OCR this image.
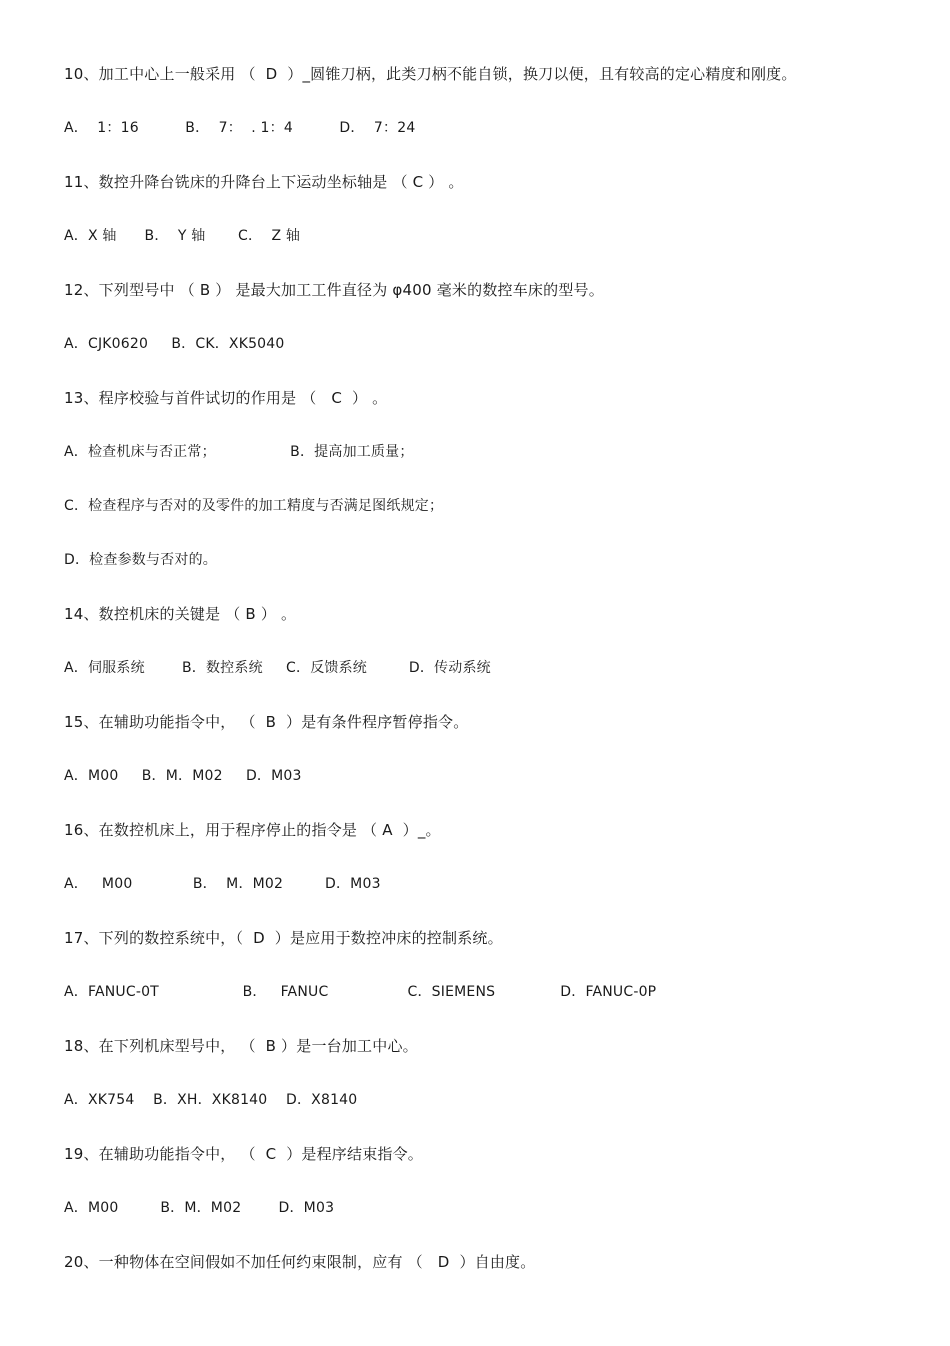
10、加工中心上一般采用 （  D  ）_圆锥刀柄，此类刀柄不能自锁，换刀以便，且有较高的定心精度和刚度。
A．  1：16          B．  7：  . 1：4          D．  7：24
11、数控升降台铣床的升降台上下运动坐标轴是 （ C ） 。
A．X 轴      B．  Y 轴       C．  Z 轴
12、下列型号中 （ B ） 是最大加工工件直径为 φ400 毫米的数控车床的型号。
A．CJK0620     B．CK．XK5040
13、程序校验与首件试切的作用是 （   C  ） 。
A．检查机床与否正常；                B．提高加工质量；
C．检查程序与否对的及零件的加工精度与否满足图纸规定；
D．检查参数与否对的。
14、数控机床的关键是 （ B ） 。
A．伺服系统        B．数控系统     C．反馈系统         D．传动系统
15、在辅助功能指令中， （  B  ）是有条件程序暂停指令。
A．M00     B．M．M02     D．M03
16、在数控机床上，用于程序停止的指令是 （ A  ）_。
A．   M00             B．  M．M02         D．M03
17、下列的数控系统中，（  D  ）是应用于数控冲床的控制系统。
A．FANUC-0T                  B．   FANUC                 C．SIEMENS              D．FANUC-0P
18、在下列机床型号中， （  B ）是一台加工中心。
A．XK754    B．XH．XK8140    D．X8140
19、在辅助功能指令中， （  C  ）是程序结束指令。
A．M00         B．M．M02        D．M03
20、一种物体在空间假如不加任何约束限制，应有 （   D  ）自由度。
